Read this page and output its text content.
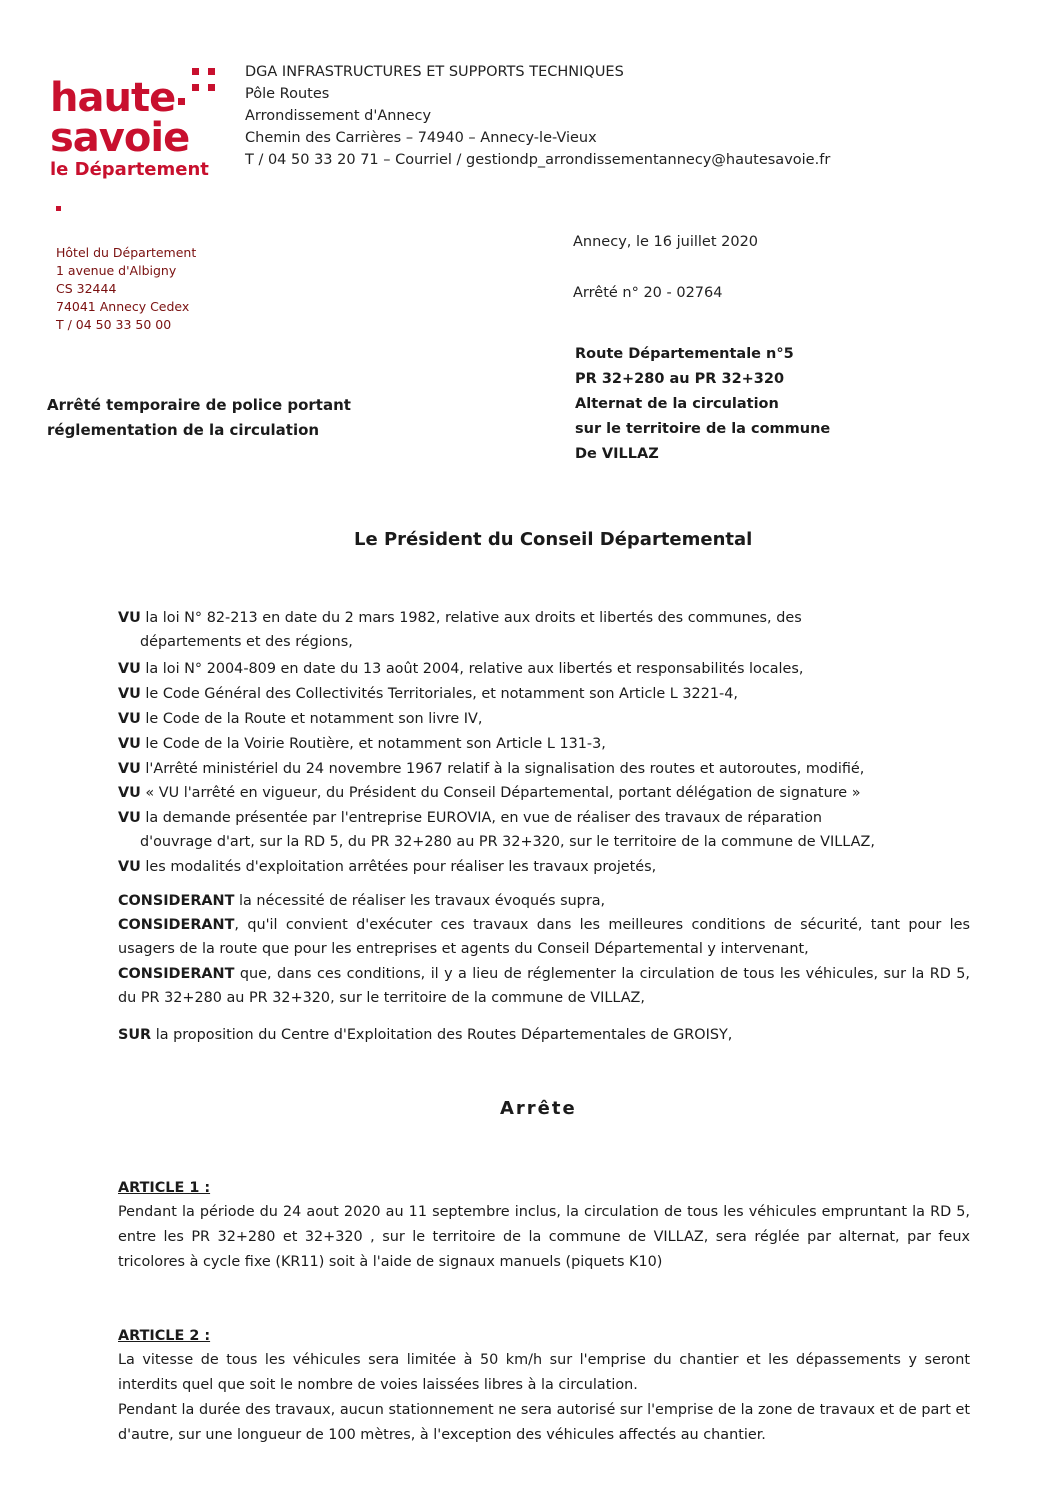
haute
savoie
le Département
DGA INFRASTRUCTURES ET SUPPORTS TECHNIQUES
Pôle Routes
Arrondissement d'Annecy
Chemin des Carrières – 74940 – Annecy-le-Vieux
T / 04 50 33 20 71 – Courriel / gestiondp_arrondissementannecy@hautesavoie.fr
Hôtel du Département
1 avenue d'Albigny
CS 32444
74041 Annecy Cedex
T / 04 50 33 50 00
Annecy, le 16 juillet 2020
Arrêté n° 20 - 02764
Route Départementale n°5
PR 32+280 au PR 32+320
Alternat de la circulation
sur le territoire de la commune
De VILLAZ
Arrêté temporaire de police portant
réglementation de la circulation
Le Président du Conseil Départemental
VU la loi N° 82-213 en date du 2 mars 1982, relative aux droits et libertés des communes, des
départements et des régions,
VU la loi N° 2004-809 en date du 13 août 2004, relative aux libertés et responsabilités locales,
VU le Code Général des Collectivités Territoriales, et notamment son Article L 3221-4,
VU le Code de la Route et notamment son livre IV,
VU le Code de la Voirie Routière, et notamment son Article L 131-3,
VU l'Arrêté ministériel du 24 novembre 1967 relatif à la signalisation des routes et autoroutes, modifié,
VU « VU l'arrêté en vigueur, du Président du Conseil Départemental, portant délégation de signature »
VU la demande présentée par l'entreprise EUROVIA, en vue de réaliser des travaux de réparation
d'ouvrage d'art, sur la RD 5, du PR 32+280 au PR 32+320, sur le territoire de la commune de VILLAZ,
VU les modalités d'exploitation arrêtées pour réaliser les travaux projetés,
CONSIDERANT la nécessité de réaliser les travaux évoqués supra,
CONSIDERANT, qu'il convient d'exécuter ces travaux dans les meilleures conditions de sécurité, tant pour les usagers de la route que pour les entreprises et agents du Conseil Départemental y intervenant,
CONSIDERANT que, dans ces conditions, il y a lieu de réglementer la circulation de tous les véhicules, sur la RD 5, du PR 32+280 au PR 32+320, sur le territoire de la commune de VILLAZ,
SUR la proposition du Centre d'Exploitation des Routes Départementales de GROISY,
Arrête
ARTICLE 1 :
Pendant la période du 24 aout 2020 au 11 septembre inclus, la circulation de tous les véhicules empruntant la RD 5, entre les PR 32+280 et 32+320 , sur le territoire de la commune de VILLAZ, sera réglée par alternat, par feux tricolores à cycle fixe (KR11) soit à l'aide de signaux manuels (piquets K10)
ARTICLE 2 :
La vitesse de tous les véhicules sera limitée à 50 km/h sur l'emprise du chantier et les dépassements y seront interdits quel que soit le nombre de voies laissées libres à la circulation.
Pendant la durée des travaux, aucun stationnement ne sera autorisé sur l'emprise de la zone de travaux et de part et d'autre, sur une longueur de 100 mètres, à l'exception des véhicules affectés au chantier.
